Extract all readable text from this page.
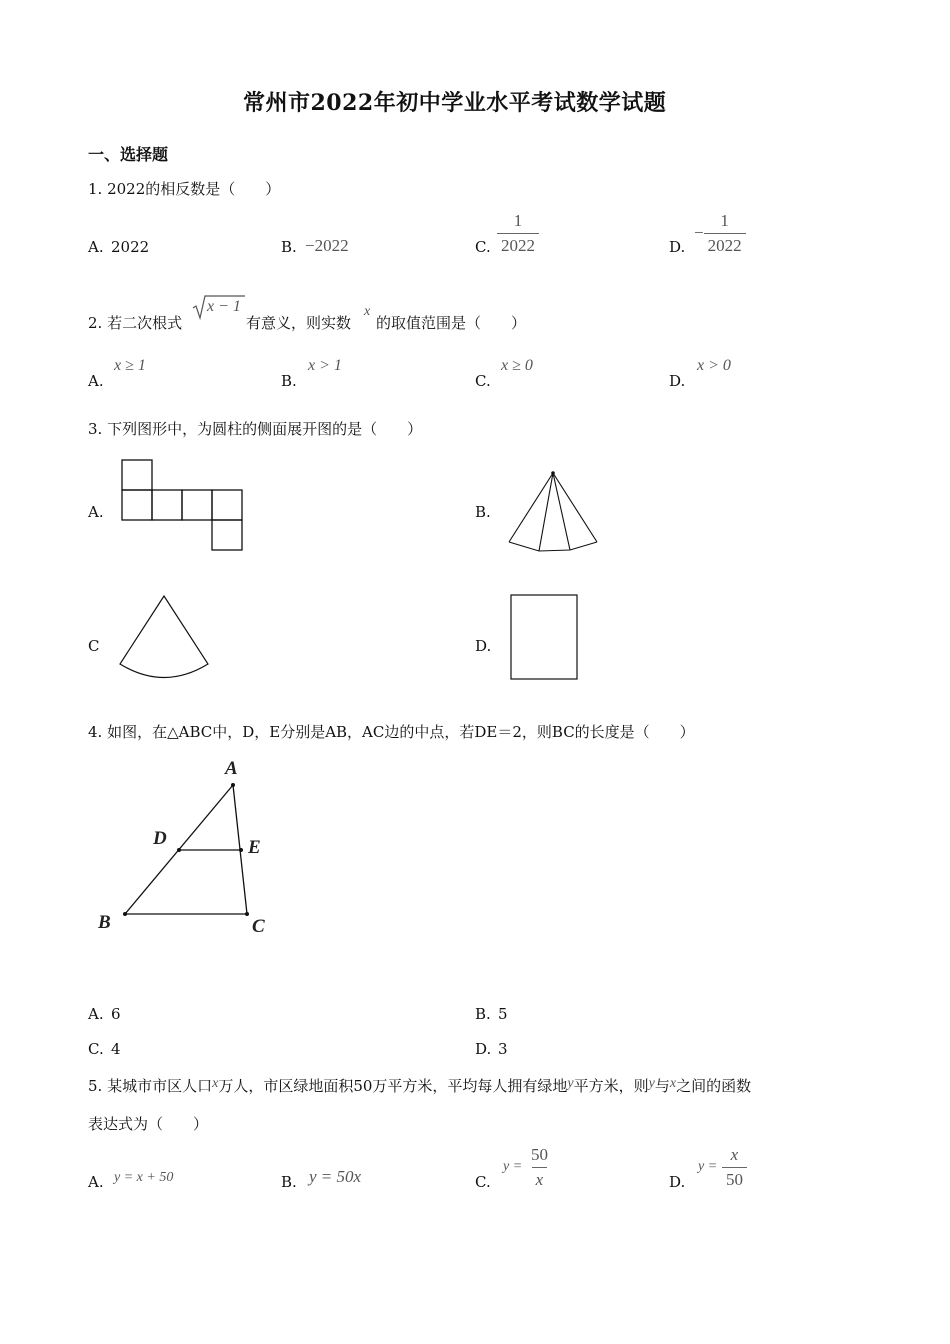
常州市2022年初中学业水平考试数学试题
一、选择题
1. 2022的相反数是（　　）
A. 2022	B. −2022	C. $\frac{1}{2022}$	D.
− $\frac{1}{2022}$
2. 若二次根式
x − 1
有意义，则实数
x
的取值范围是（　　）
A.
x ≥ 1
B.
x > 1
C.
x ≥ 0
D.
x > 0
3. 下列图形中，为圆柱的侧面展开图的是（　　）
A.	B.
C	D.
4. 如图，在△ABC中，D，E分别是AB，AC边的中点，若DE＝2，则BC的长度是（　　）
A
D	E
B	C
A. 6	B. 5
C. 4	D. 3
5. 某城市市区人口x万人，市区绿地面积50万平方米，平均每人拥有绿地y平方米，则y与x之间的函数
表达式为（　　）
A. y = x + 50	B. y = 50x	C.
$y = \frac{50}{x}$	D.
$y = \frac{x}{50}$
